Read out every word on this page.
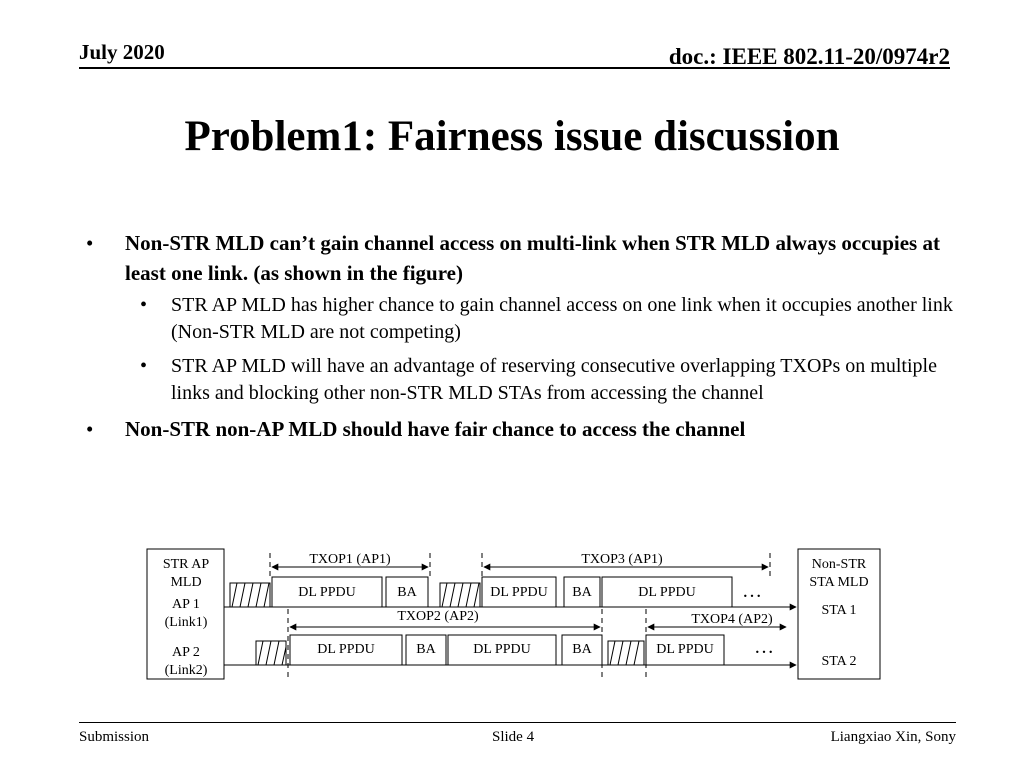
July 2020	doc.: IEEE 802.11-20/0974r2
Problem1: Fairness issue discussion
• Non-STR MLD can’t gain channel access on multi-link when STR MLD always occupies at least one link. (as shown in the figure)
• STR AP MLD has higher chance to gain channel access on one link when it occupies another link (Non-STR MLD are not competing)
• STR AP MLD will have an advantage of reserving consecutive overlapping TXOPs on multiple links and blocking other non-STR MLD STAs from accessing the channel
• Non-STR non-AP MLD should have fair chance to access the channel
STR AP
MLD
AP 1
(Link1)
AP 2
(Link2)
Non-STR
STA MLD
STA 1
STA 2
DL PPDU	BA	DL PPDU BA	DL PPDU …
DL PPDU	BA	DL PPDU	BA	DL PPDU …
TXOP1 (AP1)	TXOP3 (AP1)
TXOP2 (AP2)	TXOP4 (AP2)
Submission	Slide 4	Liangxiao Xin, Sony
